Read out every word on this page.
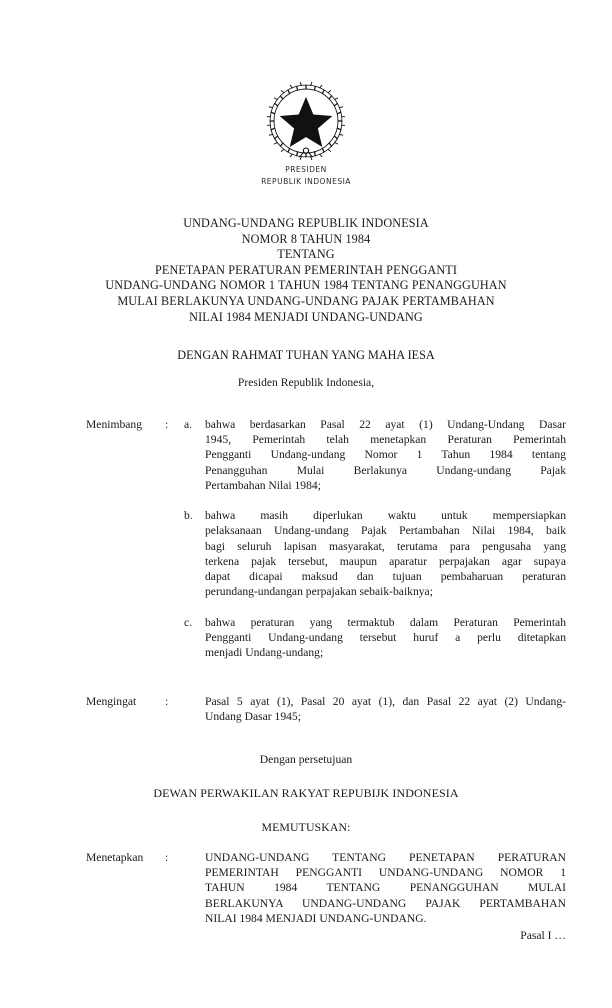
PRESIDEN
REPUBLIK INDONESIA
UNDANG-UNDANG REPUBLIK INDONESIA
NOMOR 8 TAHUN 1984
TENTANG
PENETAPAN PERATURAN PEMERINTAH PENGGANTI
UNDANG-UNDANG NOMOR 1 TAHUN 1984 TENTANG PENANGGUHAN
MULAI BERLAKUNYA UNDANG-UNDANG PAJAK PERTAMBAHAN
NILAI 1984 MENJADI UNDANG-UNDANG
DENGAN RAHMAT TUHAN YANG MAHA IESA
Presiden Republik Indonesia,
Menimbang	:	a.	bahwa berdasarkan Pasal 22 ayat (1) Undang-Undang Dasar
1945, Pemerintah telah menetapkan Peraturan Pemerintah
Pengganti Undang-undang Nomor 1 Tahun 1984 tentang
Penangguhan Mulai Berlakunya Undang-undang Pajak
Pertambahan Nilai 1984;
b.	bahwa masih diperlukan waktu untuk mempersiapkan
pelaksanaan Undang-undang Pajak Pertambahan Nilai 1984, baik
bagi seluruh lapisan masyarakat, terutama para pengusaha yang
terkena pajak tersebut, maupun aparatur perpajakan agar supaya
dapat dicapai maksud dan tujuan pembaharuan peraturan
perundang-undangan perpajakan sebaik-baiknya;
c.	bahwa peraturan yang termaktub dalam Peraturan Pemerintah
Pengganti Undang-undang tersebut huruf a perlu ditetapkan
menjadi Undang-undang;
Mengingat	:	Pasal 5 ayat (1), Pasal 20 ayat (1), dan Pasal 22 ayat (2) Undang-
Undang Dasar 1945;
Dengan persetujuan
DEWAN PERWAKILAN RAKYAT REPUBIJK INDONESIA
MEMUTUSKAN:
Menetapkan	:	UNDANG-UNDANG TENTANG PENETAPAN PERATURAN
PEMERINTAH PENGGANTI UNDANG-UNDANG NOMOR 1
TAHUN 1984 TENTANG PENANGGUHAN MULAI
BERLAKUNYA UNDANG-UNDANG PAJAK PERTAMBAHAN
NILAI 1984 MENJADI UNDANG-UNDANG.
Pasal I …
